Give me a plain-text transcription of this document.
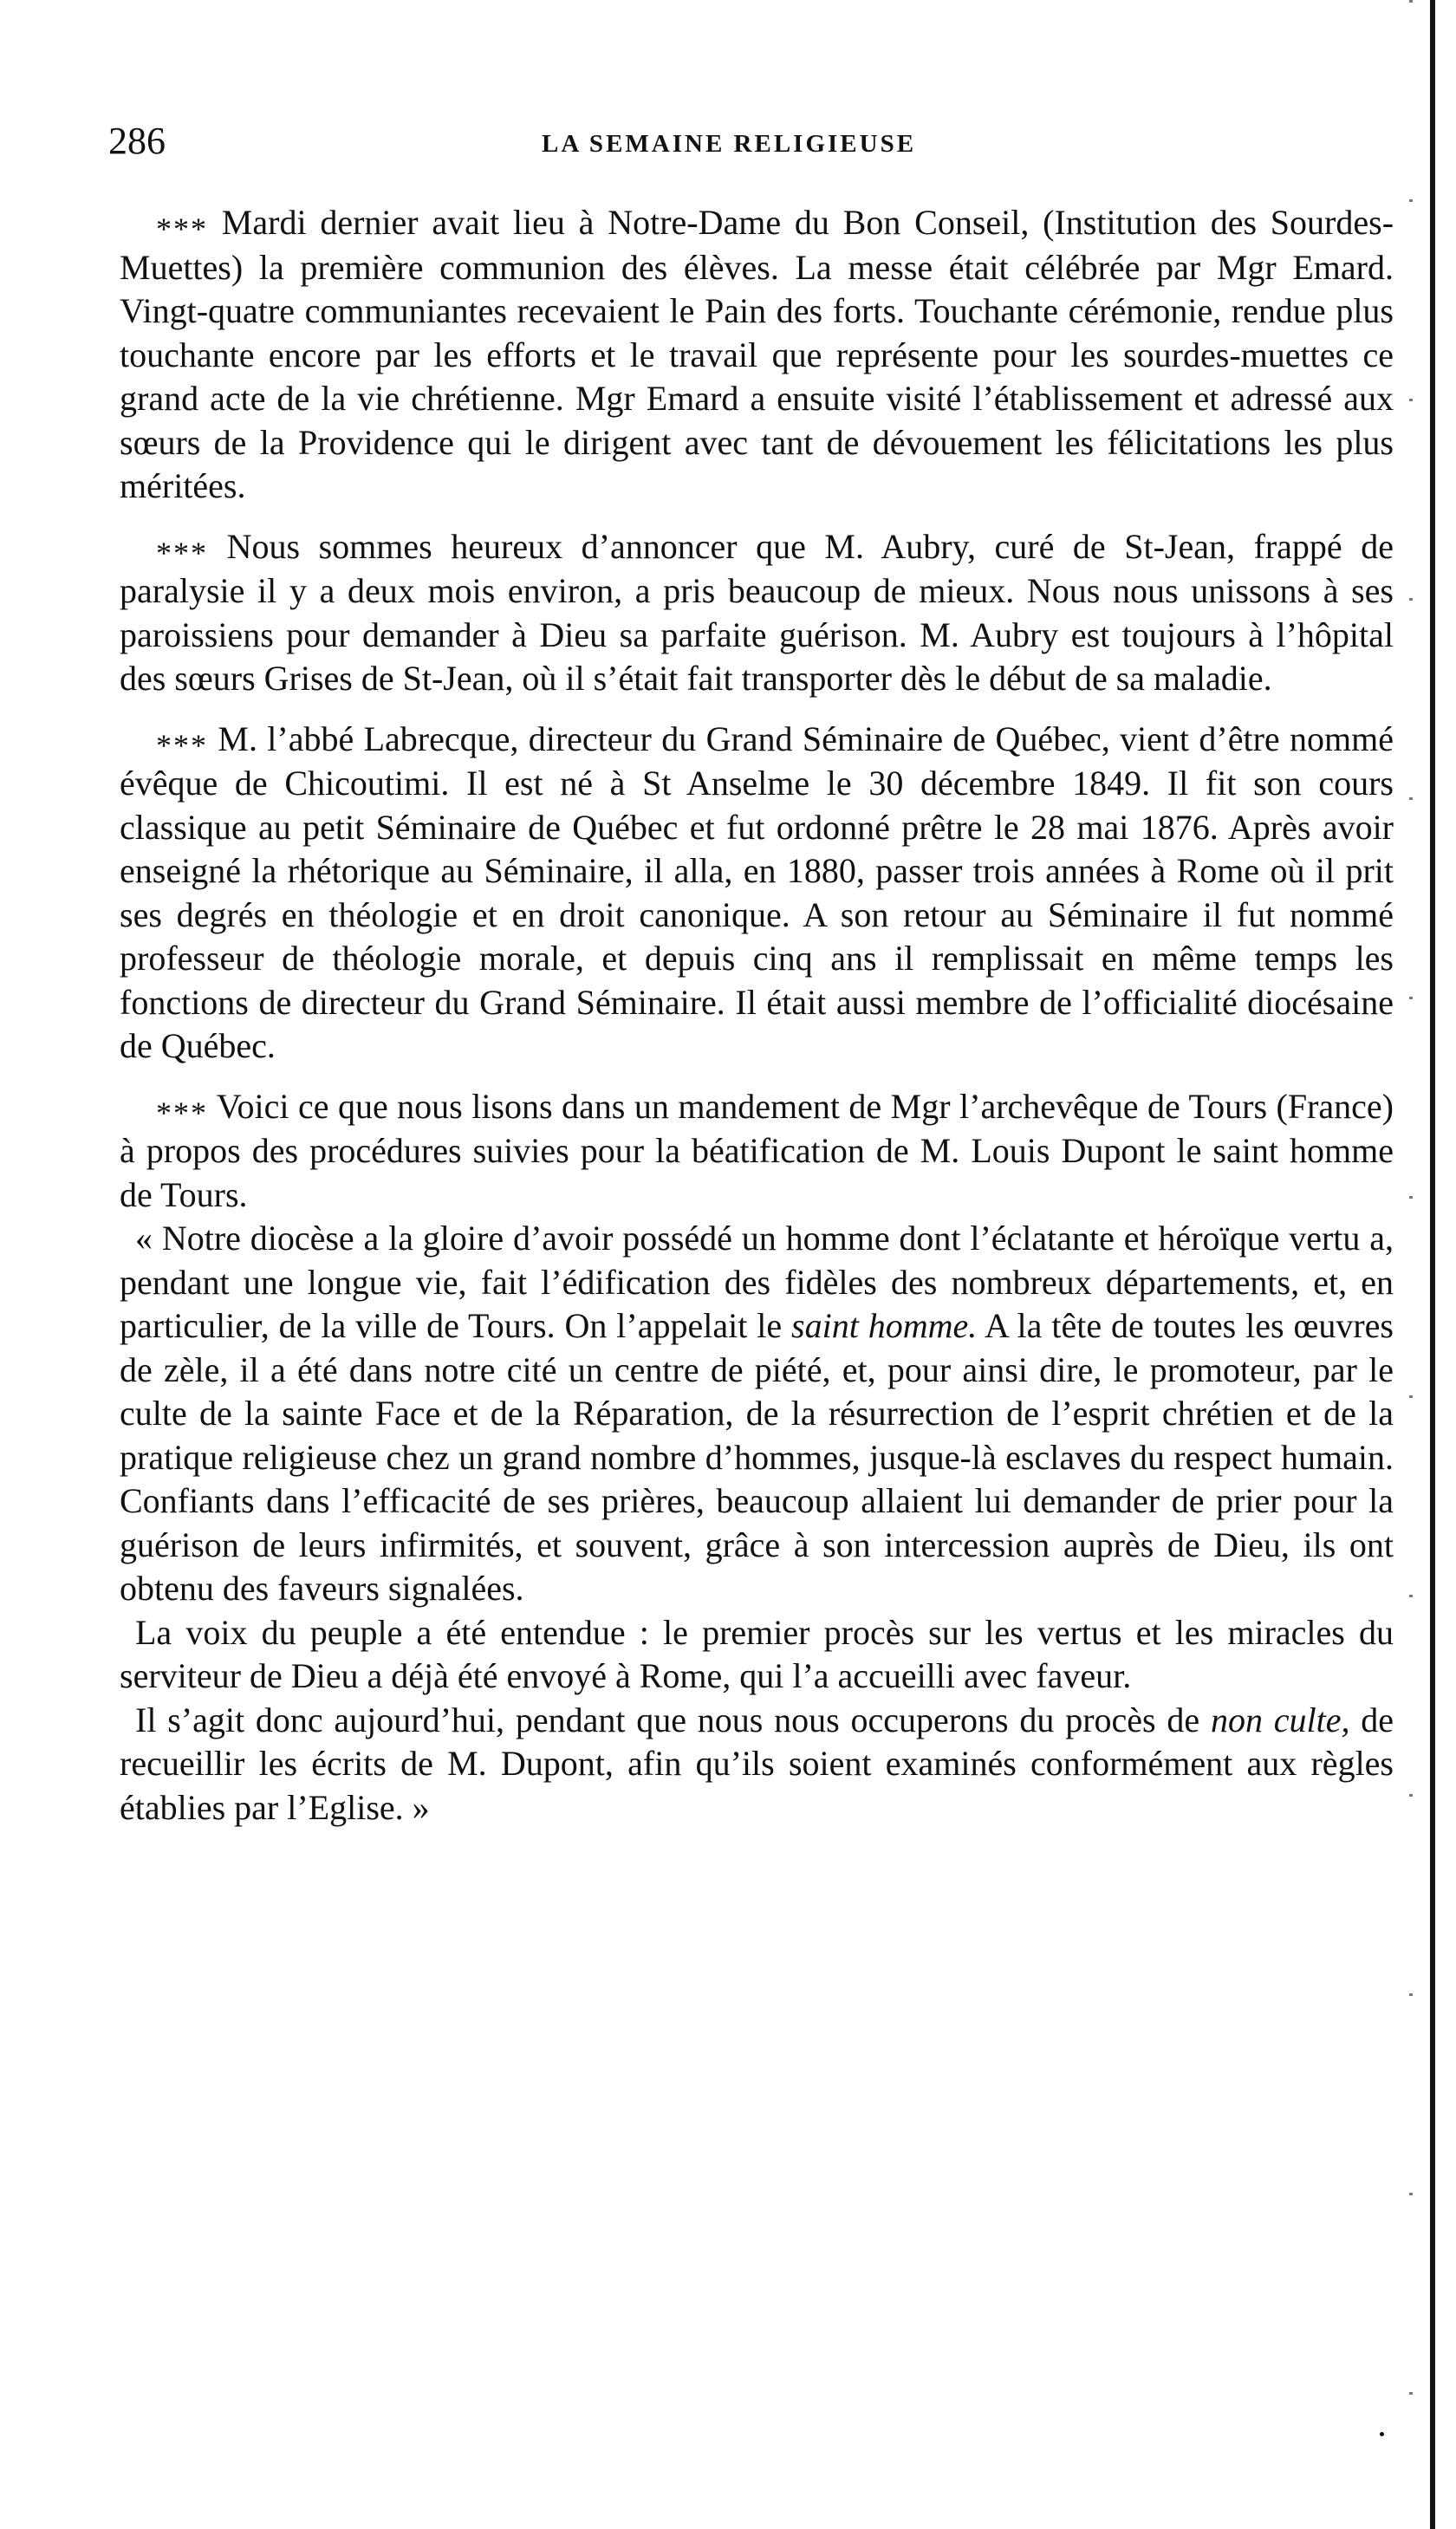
286	LA SEMAINE RELIGIEUSE

*** Mardi dernier avait lieu à Notre-Dame du Bon Conseil, (Institution des Sourdes-Muettes) la première communion des élèves. La messe était célébrée par Mgr Emard. Vingt-quatre communiantes recevaient le Pain des forts. Touchante cérémonie, rendue plus touchante encore par les efforts et le travail que représente pour les sourdes-muettes ce grand acte de la vie chrétienne. Mgr Emard a ensuite visité l’établissement et adressé aux sœurs de la Providence qui le dirigent avec tant de dévouement les félicitations les plus méritées.

*** Nous sommes heureux d’annoncer que M. Aubry, curé de St-Jean, frappé de paralysie il y a deux mois environ, a pris beaucoup de mieux. Nous nous unissons à ses paroissiens pour demander à Dieu sa parfaite guérison. M. Aubry est toujours à l’hôpital des sœurs Grises de St-Jean, où il s’était fait transporter dès le début de sa maladie.

*** M. l’abbé Labrecque, directeur du Grand Séminaire de Québec, vient d’être nommé évêque de Chicoutimi. Il est né à St Anselme le 30 décembre 1849. Il fit son cours classique au petit Séminaire de Québec et fut ordonné prêtre le 28 mai 1876. Après avoir enseigné la rhétorique au Séminaire, il alla, en 1880, passer trois années à Rome où il prit ses degrés en théologie et en droit canonique. A son retour au Séminaire il fut nommé professeur de théologie morale, et depuis cinq ans il remplissait en même temps les fonctions de directeur du Grand Séminaire. Il était aussi membre de l’officialité diocésaine de Québec.

*** Voici ce que nous lisons dans un mandement de Mgr l’archevêque de Tours (France) à propos des procédures suivies pour la béatification de M. Louis Dupont le saint homme de Tours.

« Notre diocèse a la gloire d’avoir possédé un homme dont l’éclatante et héroïque vertu a, pendant une longue vie, fait l’édification des fidèles des nombreux départements, et, en particulier, de la ville de Tours. On l’appelait le saint homme. A la tête de toutes les œuvres de zèle, il a été dans notre cité un centre de piété, et, pour ainsi dire, le promoteur, par le culte de la sainte Face et de la Réparation, de la résurrection de l’esprit chrétien et de la pratique religieuse chez un grand nombre d’hommes, jusque-là esclaves du respect humain. Confiants dans l’efficacité de ses prières, beaucoup allaient lui demander de prier pour la guérison de leurs infirmités, et souvent, grâce à son intercession auprès de Dieu, ils ont obtenu des faveurs signalées.

La voix du peuple a été entendue : le premier procès sur les vertus et les miracles du serviteur de Dieu a déjà été envoyé à Rome, qui l’a accueilli avec faveur.

Il s’agit donc aujourd’hui, pendant que nous nous occuperons du procès de non culte, de recueillir les écrits de M. Dupont, afin qu’ils soient examinés conformément aux règles établies par l’Eglise. »
